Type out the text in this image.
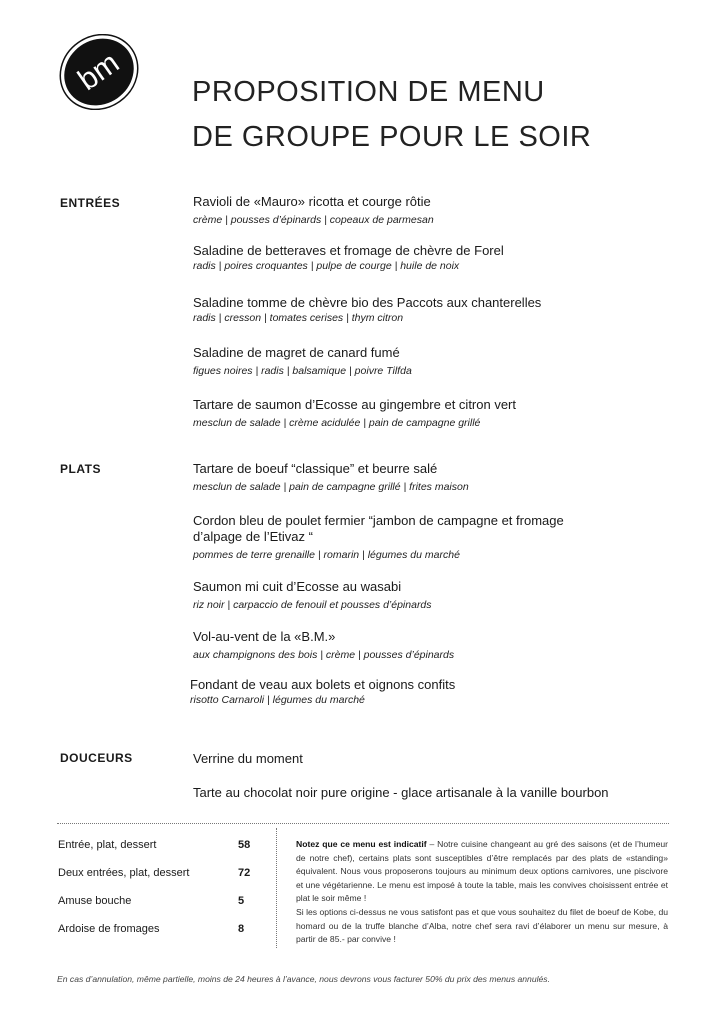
bm PROPOSITION DE MENU
DE GROUPE POUR LE SOIR
ENTRÉES	Ravioli de «Mauro» ricotta et courge rôtie
crème | pousses d’épinards | copeaux de parmesan
Saladine de betteraves et fromage de chèvre de Forel
radis | poires croquantes | pulpe de courge | huile de noix
Saladine tomme de chèvre bio des Paccots aux chanterelles
radis | cresson | tomates cerises | thym citron
Saladine de magret de canard fumé
figues noires | radis | balsamique | poivre Tilfda
Tartare de saumon d’Ecosse au gingembre et citron vert
mesclun de salade | crème acidulée | pain de campagne grillé
PLATS	Tartare de boeuf “classique” et beurre salé
mesclun de salade | pain de campagne grillé | frites maison
Cordon bleu de poulet fermier “jambon de campagne et fromage d’alpage de l’Etivaz “
pommes de terre grenaille | romarin | légumes du marché
Saumon mi cuit d’Ecosse au wasabi
riz noir | carpaccio de fenouil et pousses d’épinards
Vol-au-vent de la «B.M.»
aux champignons des bois | crème | pousses d’épinards
Fondant de veau aux bolets et oignons confits
risotto Carnaroli | légumes du marché
DOUCEURS	Verrine du moment
Tarte au chocolat noir pure origine - glace artisanale à la vanille bourbon
Entrée, plat, dessert	58
Deux entrées, plat, dessert	72
Amuse bouche	5
Ardoise de fromages	8
Notez que ce menu est indicatif – Notre cuisine changeant au gré des saisons (et de l’humeur de notre chef), certains plats sont susceptibles d’être remplacés par des plats de «standing» équivalent. Nous vous proposerons toujours au minimum deux options carnivores, une piscivore et une végétarienne. Le menu est imposé à toute la table, mais les convives choisissent entrée et plat le soir même !
Si les options ci-dessus ne vous satisfont pas et que vous souhaitez du filet de boeuf de Kobe, du homard ou de la truffe blanche d’Alba, notre chef sera ravi d’élaborer un menu sur mesure, à partir de 85.- par convive !
En cas d’annulation, même partielle, moins de 24 heures à l’avance, nous devrons vous facturer 50% du prix des menus annulés.
